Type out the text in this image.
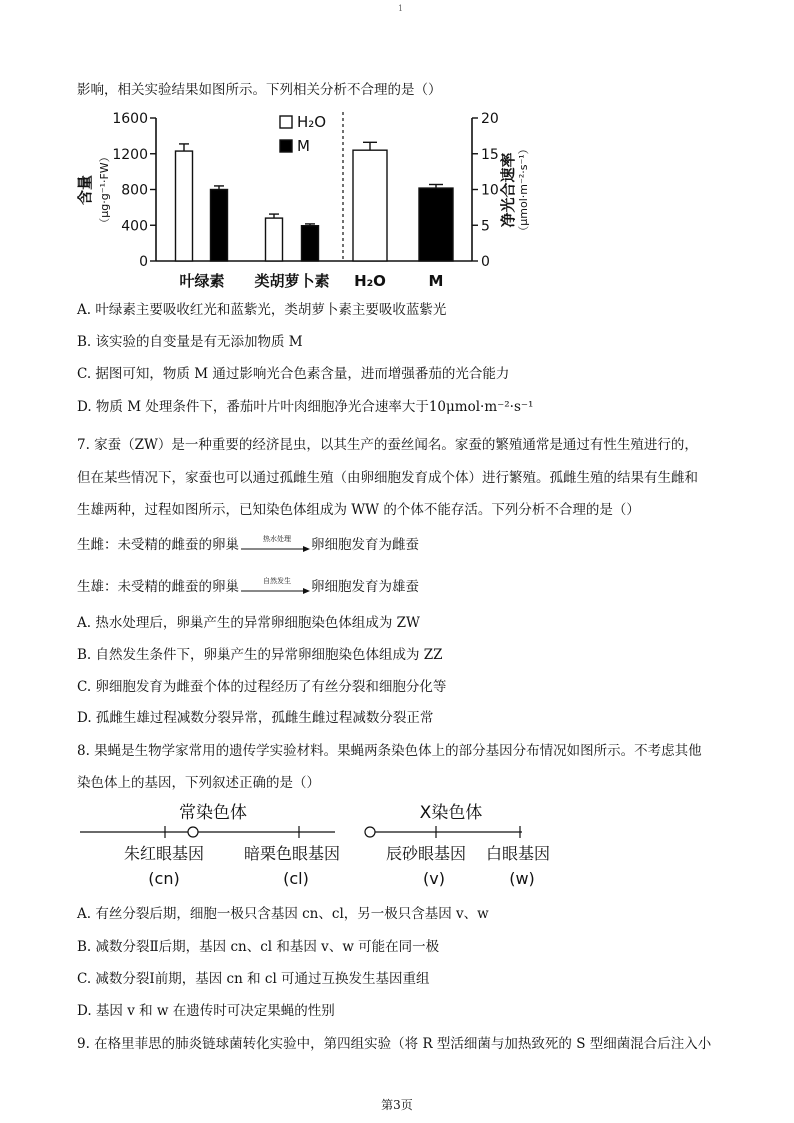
1
影响，相关实验结果如图所示。下列相关分析不合理的是（）
0
400
800
1200
1600
0
5
10
15
20
叶绿素 类胡萝卜素 H₂O	M
含量 （μg·g⁻¹·FW）	净光合速率 （μmol·m⁻²·s⁻¹）
H₂O
M
A. 叶绿素主要吸收红光和蓝紫光，类胡萝卜素主要吸收蓝紫光
B. 该实验的自变量是有无添加物质 M
C. 据图可知，物质 M 通过影响光合色素含量，进而增强番茄的光合能力
D. 物质 M 处理条件下，番茄叶片叶肉细胞净光合速率大于10μmol·m⁻²·s⁻¹
7. 家蚕（ZW）是一种重要的经济昆虫，以其生产的蚕丝闻名。家蚕的繁殖通常是通过有性生殖进行的，
但在某些情况下，家蚕也可以通过孤雌生殖（由卵细胞发育成个体）进行繁殖。孤雌生殖的结果有生雌和
生雄两种，过程如图所示，已知染色体组成为 WW 的个体不能存活。下列分析不合理的是（）
生雌：未受精的雌蚕的卵巢	热水处理	卵细胞发育为雌蚕
生雄：未受精的雌蚕的卵巢	自然发生	卵细胞发育为雄蚕
A. 热水处理后，卵巢产生的异常卵细胞染色体组成为 ZW
B. 自然发生条件下，卵巢产生的异常卵细胞染色体组成为 ZZ
C. 卵细胞发育为雌蚕个体的过程经历了有丝分裂和细胞分化等
D. 孤雌生雄过程减数分裂异常，孤雌生雌过程减数分裂正常
8. 果蝇是生物学家常用的遗传学实验材料。果蝇两条染色体上的部分基因分布情况如图所示。不考虑其他
染色体上的基因，下列叙述正确的是（）
常染色体	X染色体
朱红眼基因 暗栗色眼基因	辰砂眼基因 白眼基因
(cn)	(cl)	(v)	(w)
A. 有丝分裂后期，细胞一极只含基因 cn、cl，另一极只含基因 v、w
B. 减数分裂Ⅱ后期，基因 cn、cl 和基因 v、w 可能在同一极
C. 减数分裂Ⅰ前期，基因 cn 和 cl 可通过互换发生基因重组
D. 基因 v 和 w 在遗传时可决定果蝇的性别
9. 在格里菲思的肺炎链球菌转化实验中，第四组实验（将 R 型活细菌与加热致死的 S 型细菌混合后注入小
第3页
